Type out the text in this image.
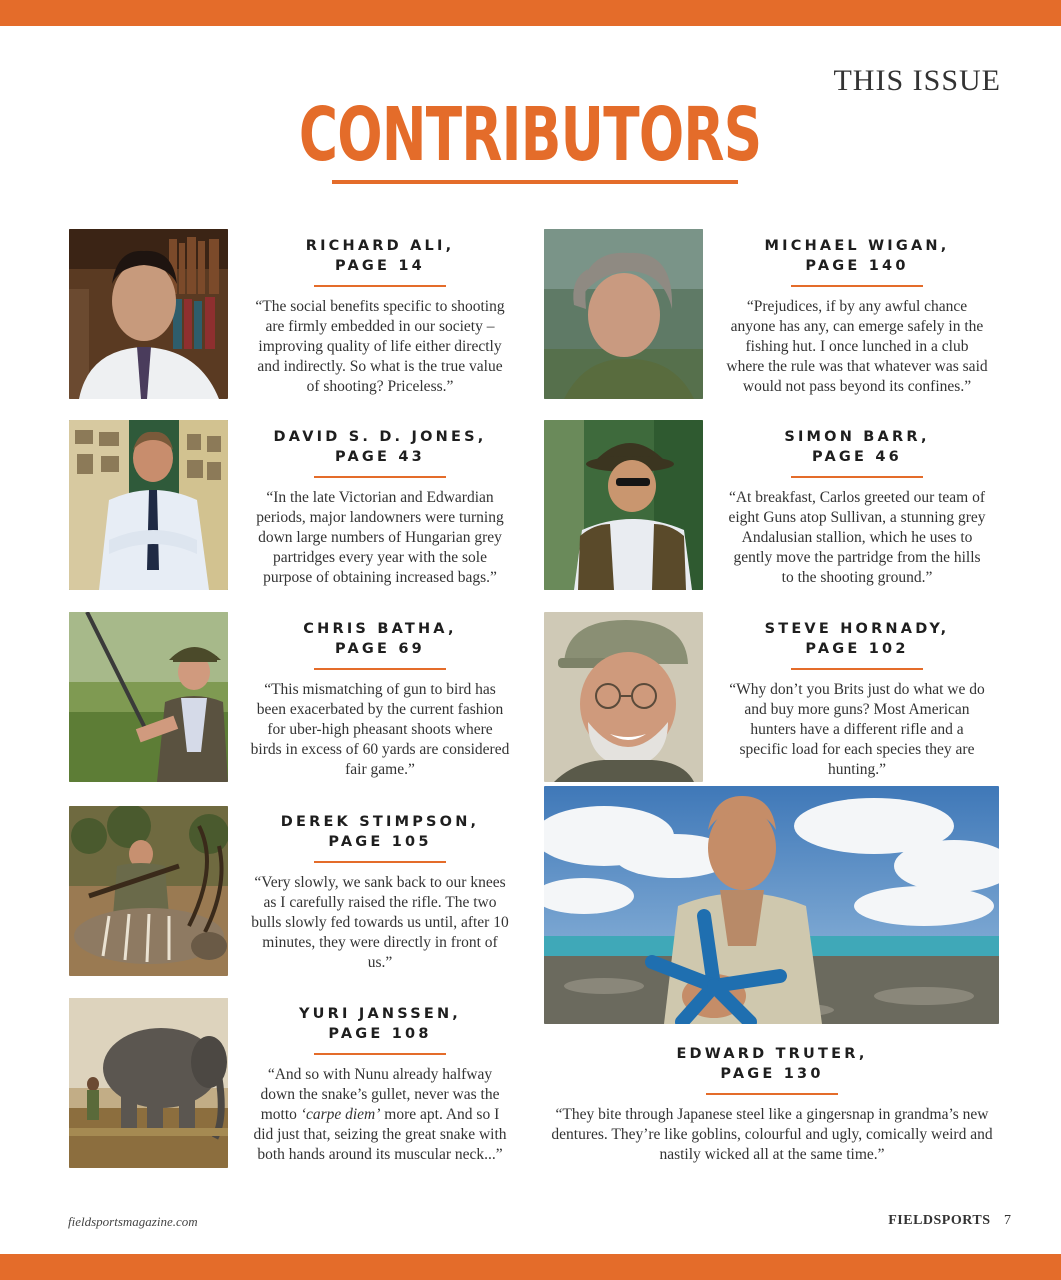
THIS ISSUE
CONTRIBUTORS

RICHARD ALI,

PAGE 14

“The social benefits specific to shooting are firmly embedded in our society – improving quality of life either directly and indirectly. So what is the true value of shooting? Priceless.”

DAVID S. D. JONES,

PAGE 43

“In the late Victorian and Edwardian periods, major landowners were turning down large numbers of Hungarian grey partridges every year with the sole purpose of obtaining increased bags.”

CHRIS BATHA,

PAGE 69

“This mismatching of gun to bird has been exacerbated by the current fashion for uber-high pheasant shoots where birds in excess of 60 yards are considered fair game.”

DEREK STIMPSON,

PAGE 105

“Very slowly, we sank back to our knees as I carefully raised the rifle. The two bulls slowly fed towards us until, after 10 minutes, they were directly in front of us.”

YURI JANSSEN,

PAGE 108

“And so with Nunu already halfway down the snake’s gullet, never was the motto ‘carpe diem’ more apt. And so I did just that, seizing the great snake with both hands around its muscular neck...”

MICHAEL WIGAN,

PAGE 140

“Prejudices, if by any awful chance anyone has any, can emerge safely in the fishing hut. I once lunched in a club where the rule was that whatever was said would not pass beyond its confines.”

SIMON BARR,

PAGE 46

“At breakfast, Carlos greeted our team of eight Guns atop Sullivan, a stunning grey Andalusian stallion, which he uses to gently move the partridge from the hills to the shooting ground.”

STEVE HORNADY,

PAGE 102

“Why don’t you Brits just do what we do and buy more guns? Most American hunters have a different rifle and a specific load for each species they are hunting.”

EDWARD TRUTER,

PAGE 130

“They bite through Japanese steel like a gingersnap in grandma’s new dentures. They’re like goblins, colourful and ugly, comically weird and nastily wicked all at the same time.”

fieldsportsmagazine.com	FIELDSPORTS 7
